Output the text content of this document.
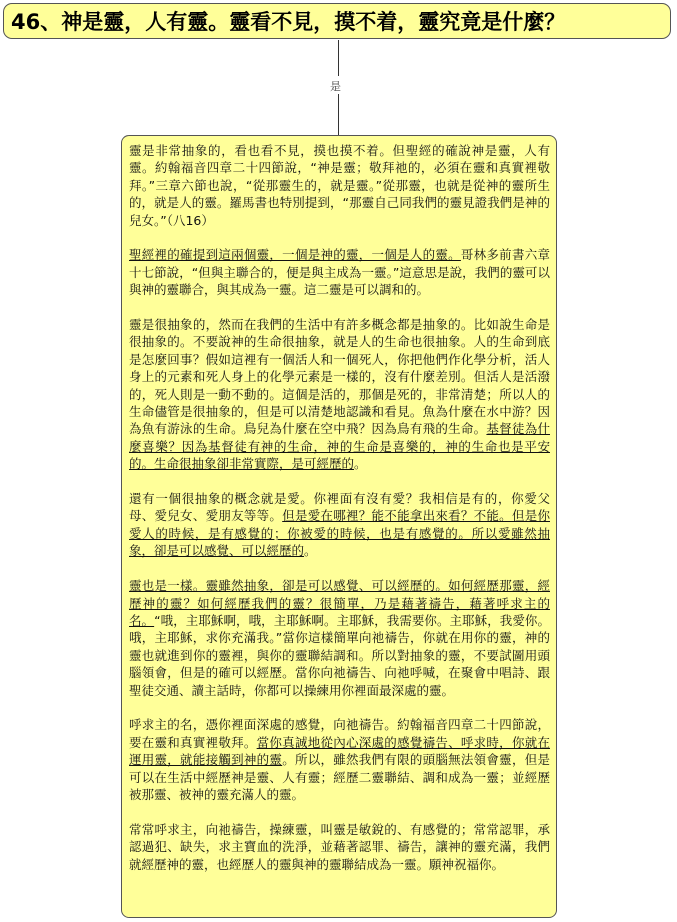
46、神是靈，人有靈。靈看不見，摸不着，靈究竟是什麼？
是

靈是非常抽象的，看也看不見，摸也摸不着。但聖經的確說神是靈，人有靈。約翰福音四章二十四節說，“神是靈；敬拜祂的，必須在靈和真實裡敬拜。”三章六節也說，“從那靈生的，就是靈。”從那靈，也就是從神的靈所生的，就是人的靈。羅馬書也特別提到，“那靈自己同我們的靈見證我們是神的兒女。”（八16）

聖經裡的確提到這兩個靈，一個是神的靈，一個是人的靈。哥林多前書六章十七節說，“但與主聯合的，便是與主成為一靈。”這意思是說，我們的靈可以與神的靈聯合，與其成為一靈。這二靈是可以調和的。

靈是很抽象的，然而在我們的生活中有許多概念都是抽象的。比如說生命是很抽象的。不要說神的生命很抽象，就是人的生命也很抽象。人的生命到底是怎麼回事？假如這裡有一個活人和一個死人，你把他們作化學分析，活人身上的元素和死人身上的化學元素是一樣的，沒有什麼差別。但活人是活潑的，死人則是一動不動的。這個是活的，那個是死的，非常清楚；所以人的生命儘管是很抽象的，但是可以清楚地認識和看見。魚為什麼在水中游？因為魚有游泳的生命。鳥兒為什麼在空中飛？因為鳥有飛的生命。基督徒為什麼喜樂？因為基督徒有神的生命，神的生命是喜樂的，神的生命也是平安的。生命很抽象卻非常實際，是可經歷的。

還有一個很抽象的概念就是愛。你裡面有沒有愛？我相信是有的，你愛父母、愛兒女、愛朋友等等。但是愛在哪裡？能不能拿出來看？不能。但是你愛人的時候，是有感覺的；你被愛的時候，也是有感覺的。所以愛雖然抽象，卻是可以感覺、可以經歷的。

靈也是一樣。靈雖然抽象，卻是可以感覺、可以經歷的。如何經歷那靈，經歷神的靈？如何經歷我們的靈？很簡單，乃是藉著禱告，藉著呼求主的名。“哦，主耶穌啊，哦，主耶穌啊。主耶穌，我需要你。主耶穌，我愛你。哦，主耶穌，求你充滿我。”當你這樣簡單向祂禱告，你就在用你的靈，神的靈也就進到你的靈裡，與你的靈聯結調和。所以對抽象的靈，不要試圖用頭腦領會，但是的確可以經歷。當你向祂禱告、向祂呼喊，在聚會中唱詩、跟聖徒交通、讀主話時，你都可以操練用你裡面最深處的靈。

呼求主的名，憑你裡面深處的感覺，向祂禱告。約翰福音四章二十四節說，要在靈和真實裡敬拜。當你真誠地從內心深處的感覺禱告、呼求時，你就在運用靈，就能接觸到神的靈。所以，雖然我們有限的頭腦無法領會靈，但是可以在生活中經歷神是靈、人有靈；經歷二靈聯結、調和成為一靈；並經歷被那靈、被神的靈充滿人的靈。

常常呼求主，向祂禱告，操練靈，叫靈是敏銳的、有感覺的；常常認罪，承認過犯、缺失，求主寶血的洗淨，並藉著認罪、禱告，讓神的靈充滿，我們就經歷神的靈，也經歷人的靈與神的靈聯結成為一靈。願神祝福你。
